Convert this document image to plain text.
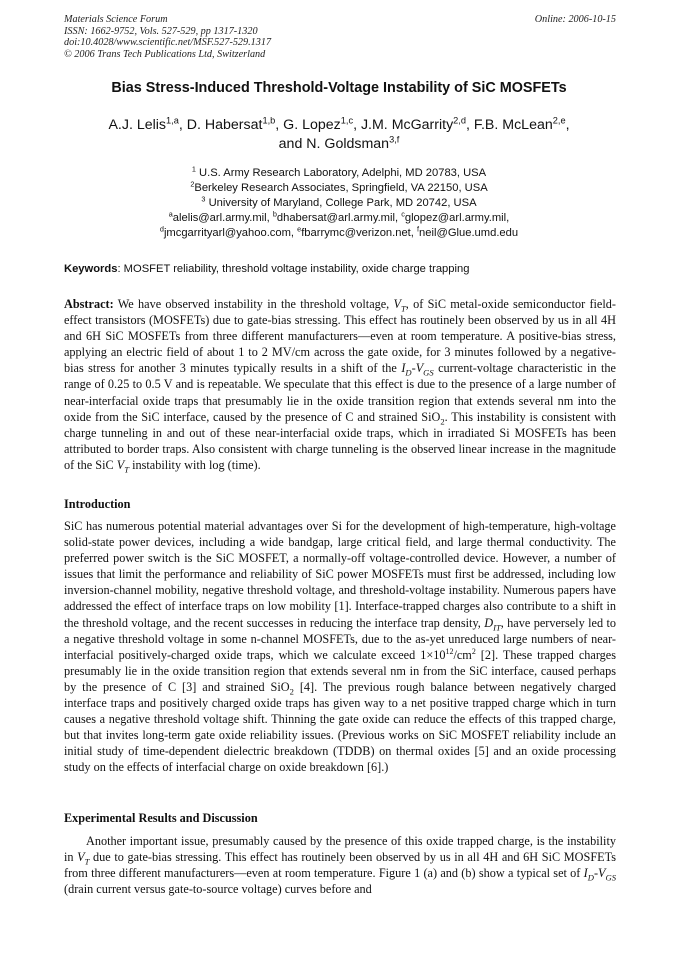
Materials Science Forum
ISSN: 1662-9752, Vols. 527-529, pp 1317-1320
doi:10.4028/www.scientific.net/MSF.527-529.1317
© 2006 Trans Tech Publications Ltd, Switzerland
Online: 2006-10-15
Bias Stress-Induced Threshold-Voltage Instability of SiC MOSFETs
A.J. Lelis$^{1,a}$, D. Habersat$^{1,b}$, G. Lopez$^{1,c}$, J.M. McGarrity$^{2,d}$, F.B. McLean$^{2,e}$,
and N. Goldsman$^{3,f}$
$^1$ U.S. Army Research Laboratory, Adelphi, MD 20783, USA
$^2$Berkeley Research Associates, Springfield, VA 22150, USA
$^3$ University of Maryland, College Park, MD 20742, USA
$^a$alelis@arl.army.mil, $^b$dhabersat@arl.army.mil, $^c$glopez@arl.army.mil,
$^d$jmcgarrityarl@yahoo.com, $^e$fbarrymc@verizon.net, $^f$neil@Glue.umd.edu
Keywords: MOSFET reliability, threshold voltage instability, oxide charge trapping
Abstract: We have observed instability in the threshold voltage, $V_T$, of SiC metal-oxide semiconductor field-effect transistors (MOSFETs) due to gate-bias stressing. This effect has routinely been observed by us in all 4H and 6H SiC MOSFETs from three different manufacturers—even at room temperature. A positive-bias stress, applying an electric field of about 1 to 2 MV/cm across the gate oxide, for 3 minutes followed by a negative-bias stress for another 3 minutes typically results in a shift of the $I_D-V_{GS}$ current-voltage characteristic in the range of 0.25 to 0.5 V and is repeatable. We speculate that this effect is due to the presence of a large number of near-interfacial oxide traps that presumably lie in the oxide transition region that extends several nm into the oxide from the SiC interface, caused by the presence of C and strained SiO$_2$. This instability is consistent with charge tunneling in and out of these near-interfacial oxide traps, which in irradiated Si MOSFETs has been attributed to border traps. Also consistent with charge tunneling is the observed linear increase in the magnitude of the SiC $V_T$ instability with log (time).
Introduction
SiC has numerous potential material advantages over Si for the development of high-temperature, high-voltage solid-state power devices, including a wide bandgap, large critical field, and large thermal conductivity. The preferred power switch is the SiC MOSFET, a normally-off voltage-controlled device. However, a number of issues that limit the performance and reliability of SiC power MOSFETs must first be addressed, including low inversion-channel mobility, negative threshold voltage, and threshold-voltage instability. Numerous papers have addressed the effect of interface traps on low mobility [1]. Interface-trapped charges also contribute to a shift in the threshold voltage, and the recent successes in reducing the interface trap density, $D_{IT}$, have perversely led to a negative threshold voltage in some n-channel MOSFETs, due to the as-yet unreduced large numbers of near-interfacial positively-charged oxide traps, which we calculate exceed $1\times 10^{12}/cm^2$ [2]. These trapped charges presumably lie in the oxide transition region that extends several nm in from the SiC interface, caused perhaps by the presence of C [3] and strained SiO$_2$ [4]. The previous rough balance between negatively charged interface traps and positively charged oxide traps has given way to a net positive trapped charge which in turn causes a negative threshold voltage shift. Thinning the gate oxide can reduce the effects of this trapped charge, but that invites long-term gate oxide reliability issues. (Previous works on SiC MOSFET reliability include an initial study of time-dependent dielectric breakdown (TDDB) on thermal oxides [5] and an oxide processing study on the effects of interfacial charge on oxide breakdown [6].)
Experimental Results and Discussion
Another important issue, presumably caused by the presence of this oxide trapped charge, is the instability in $V_T$ due to gate-bias stressing. This effect has routinely been observed by us in all 4H and 6H SiC MOSFETs from three different manufacturers—even at room temperature. Figure 1 (a) and (b) show a typical set of $I_D-V_{GS}$ (drain current versus gate-to-source voltage) curves before and
